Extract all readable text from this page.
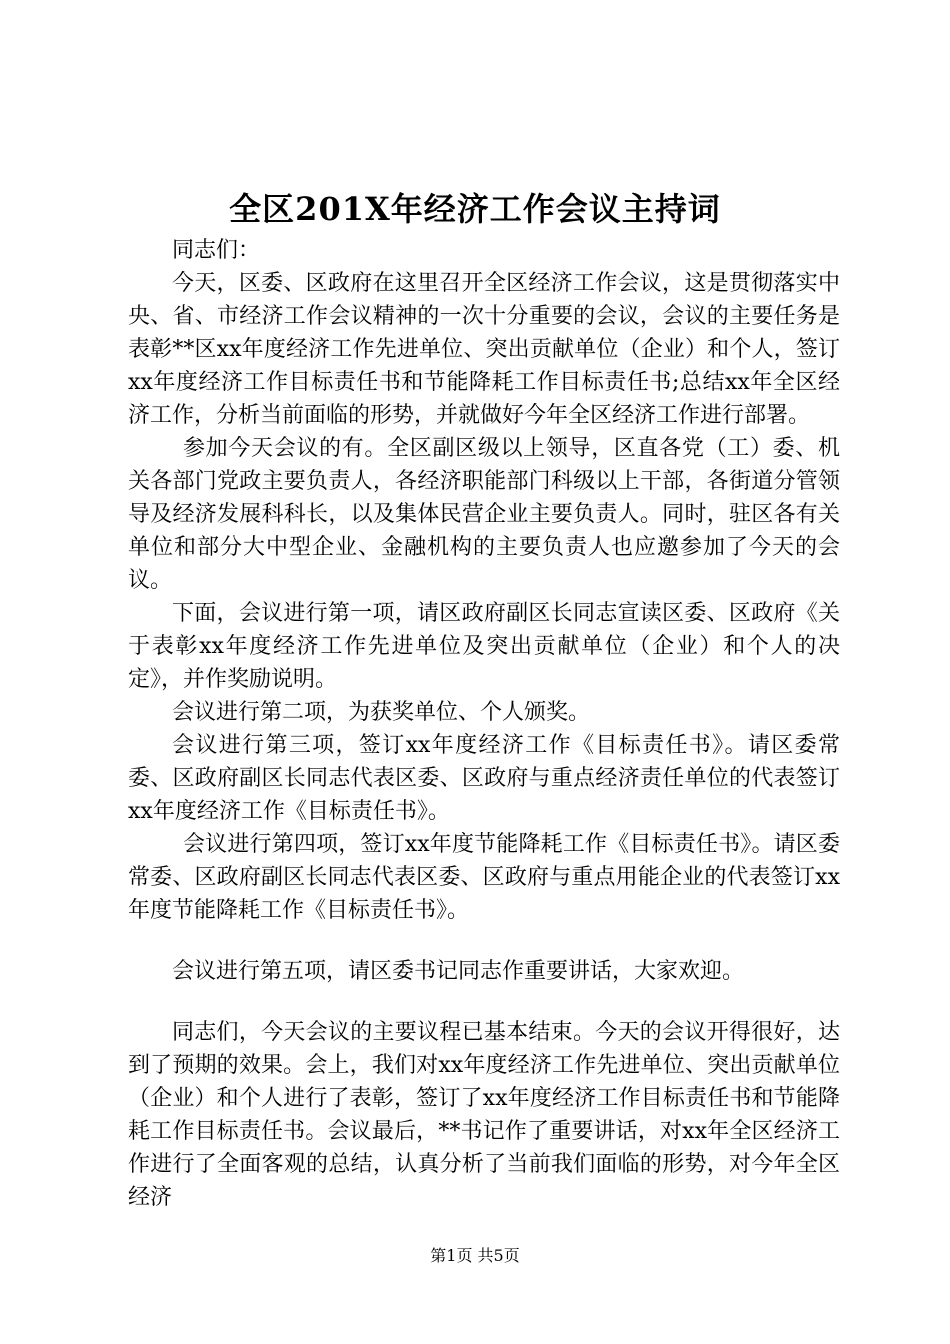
全区201X年经济工作会议主持词

同志们：

今天，区委、区政府在这里召开全区经济工作会议，这是贯彻落实中央、省、市经济工作会议精神的一次十分重要的会议，会议的主要任务是表彰**区xx年度经济工作先进单位、突出贡献单位（企业）和个人，签订xx年度经济工作目标责任书和节能降耗工作目标责任书;总结xx年全区经济工作，分析当前面临的形势，并就做好今年全区经济工作进行部署。

参加今天会议的有。全区副区级以上领导，区直各党（工）委、机关各部门党政主要负责人，各经济职能部门科级以上干部，各街道分管领导及经济发展科科长，以及集体民营企业主要负责人。同时，驻区各有关单位和部分大中型企业、金融机构的主要负责人也应邀参加了今天的会议。

下面，会议进行第一项，请区政府副区长同志宣读区委、区政府《关于表彰xx年度经济工作先进单位及突出贡献单位（企业）和个人的决定》，并作奖励说明。

会议进行第二项，为获奖单位、个人颁奖。

会议进行第三项，签订xx年度经济工作《目标责任书》。请区委常委、区政府副区长同志代表区委、区政府与重点经济责任单位的代表签订xx年度经济工作《目标责任书》。

会议进行第四项，签订xx年度节能降耗工作《目标责任书》。请区委常委、区政府副区长同志代表区委、区政府与重点用能企业的代表签订xx年度节能降耗工作《目标责任书》。

会议进行第五项，请区委书记同志作重要讲话，大家欢迎。

同志们，今天会议的主要议程已基本结束。今天的会议开得很好，达到了预期的效果。会上，我们对xx年度经济工作先进单位、突出贡献单位（企业）和个人进行了表彰，签订了xx年度经济工作目标责任书和节能降耗工作目标责任书。会议最后，**书记作了重要讲话，对xx年全区经济工作进行了全面客观的总结，认真分析了当前我们面临的形势，对今年全区经济

第1页 共5页
